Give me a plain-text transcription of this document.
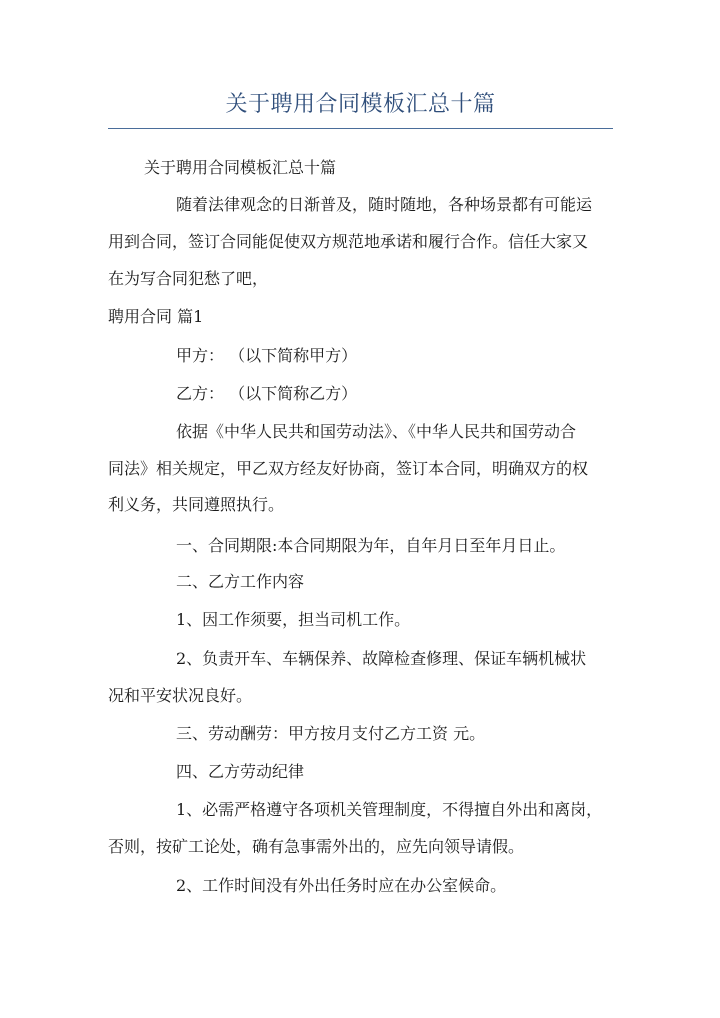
关于聘用合同模板汇总十篇
关于聘用合同模板汇总十篇
随着法律观念的日渐普及，随时随地，各种场景都有可能运
用到合同，签订合同能促使双方规范地承诺和履行合作。信任大家又
在为写合同犯愁了吧，
聘用合同 篇1
甲方： （以下简称甲方）
乙方： （以下简称乙方）
依据《中华人民共和国劳动法》、《中华人民共和国劳动合
同法》相关规定，甲乙双方经友好协商，签订本合同，明确双方的权
利义务，共同遵照执行。
一、合同期限:本合同期限为年，自年月日至年月日止。
二、乙方工作内容
1、因工作须要，担当司机工作。
2、负责开车、车辆保养、故障检查修理、保证车辆机械状
况和平安状况良好。
三、劳动酬劳：甲方按月支付乙方工资 元。
四、乙方劳动纪律
1、必需严格遵守各项机关管理制度，不得擅自外出和离岗，
否则，按矿工论处，确有急事需外出的，应先向领导请假。
2、工作时间没有外出任务时应在办公室候命。
